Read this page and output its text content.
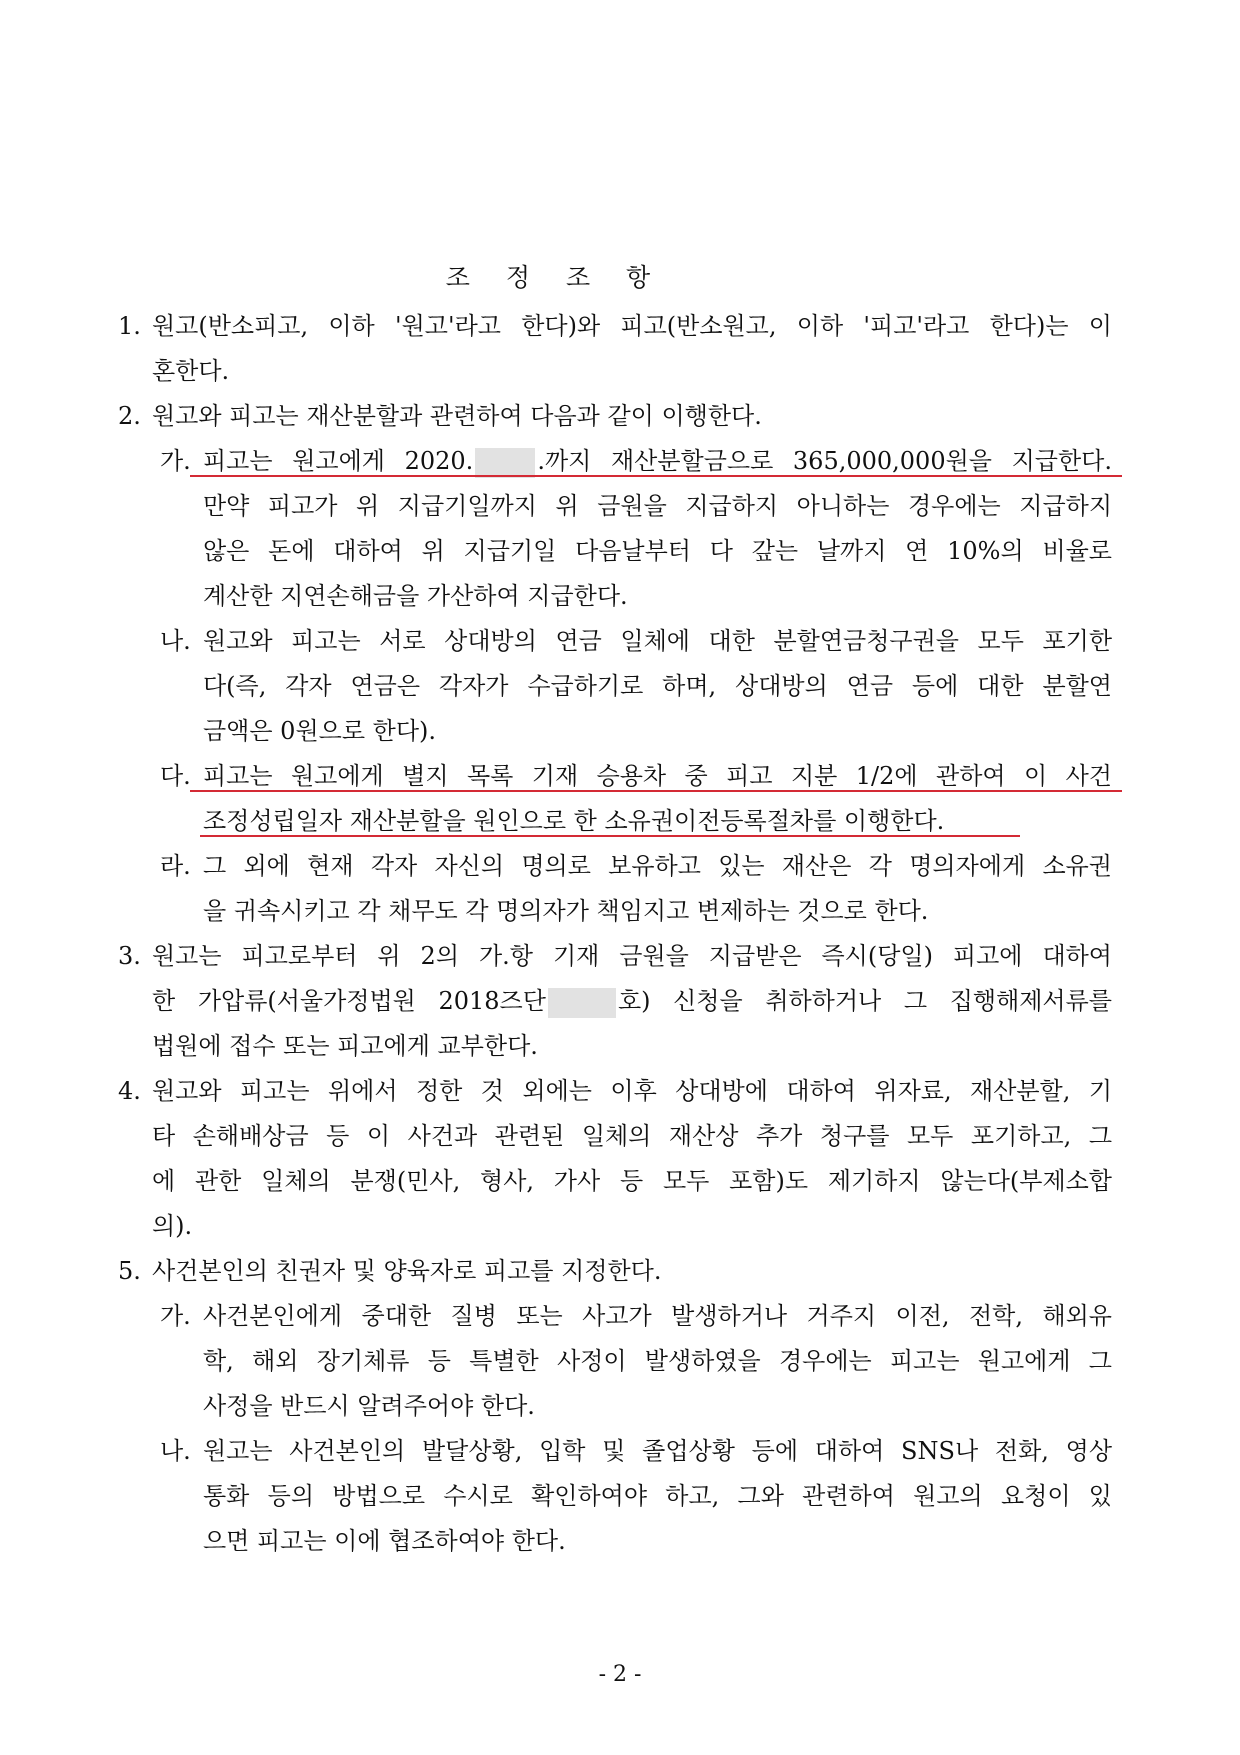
조 정 조 항
1. 원고(반소피고, 이하 '원고'라고 한다)와 피고(반소원고, 이하 '피고'라고 한다)는 이
혼한다.
2. 원고와 피고는 재산분할과 관련하여 다음과 같이 이행한다.
가. 피고는 원고에게 2020.	.까지 재산분할금으로 365,000,000원을 지급한다.
만약 피고가 위 지급기일까지 위 금원을 지급하지 아니하는 경우에는 지급하지
않은 돈에 대하여 위 지급기일 다음날부터 다 갚는 날까지 연 10%의 비율로
계산한 지연손해금을 가산하여 지급한다.
나. 원고와 피고는 서로 상대방의 연금 일체에 대한 분할연금청구권을 모두 포기한
다(즉, 각자 연금은 각자가 수급하기로 하며, 상대방의 연금 등에 대한 분할연
금액은 0원으로 한다).
다. 피고는 원고에게 별지 목록 기재 승용차 중 피고 지분 1/2에 관하여 이 사건
조정성립일자 재산분할을 원인으로 한 소유권이전등록절차를 이행한다.
라. 그 외에 현재 각자 자신의 명의로 보유하고 있는 재산은 각 명의자에게 소유권
을 귀속시키고 각 채무도 각 명의자가 책임지고 변제하는 것으로 한다.
3. 원고는 피고로부터 위 2의 가.항 기재 금원을 지급받은 즉시(당일) 피고에 대하여
한 가압류(서울가정법원 2018즈단	호) 신청을 취하하거나 그 집행해제서류를
법원에 접수 또는 피고에게 교부한다.
4. 원고와 피고는 위에서 정한 것 외에는 이후 상대방에 대하여 위자료, 재산분할, 기
타 손해배상금 등 이 사건과 관련된 일체의 재산상 추가 청구를 모두 포기하고, 그
에 관한 일체의 분쟁(민사, 형사, 가사 등 모두 포함)도 제기하지 않는다(부제소합
의).
5. 사건본인의 친권자 및 양육자로 피고를 지정한다.
가. 사건본인에게 중대한 질병 또는 사고가 발생하거나 거주지 이전, 전학, 해외유
학, 해외 장기체류 등 특별한 사정이 발생하였을 경우에는 피고는 원고에게 그
사정을 반드시 알려주어야 한다.
나. 원고는 사건본인의 발달상황, 입학 및 졸업상황 등에 대하여 SNS나 전화, 영상
통화 등의 방법으로 수시로 확인하여야 하고, 그와 관련하여 원고의 요청이 있
으면 피고는 이에 협조하여야 한다.
- 2 -
